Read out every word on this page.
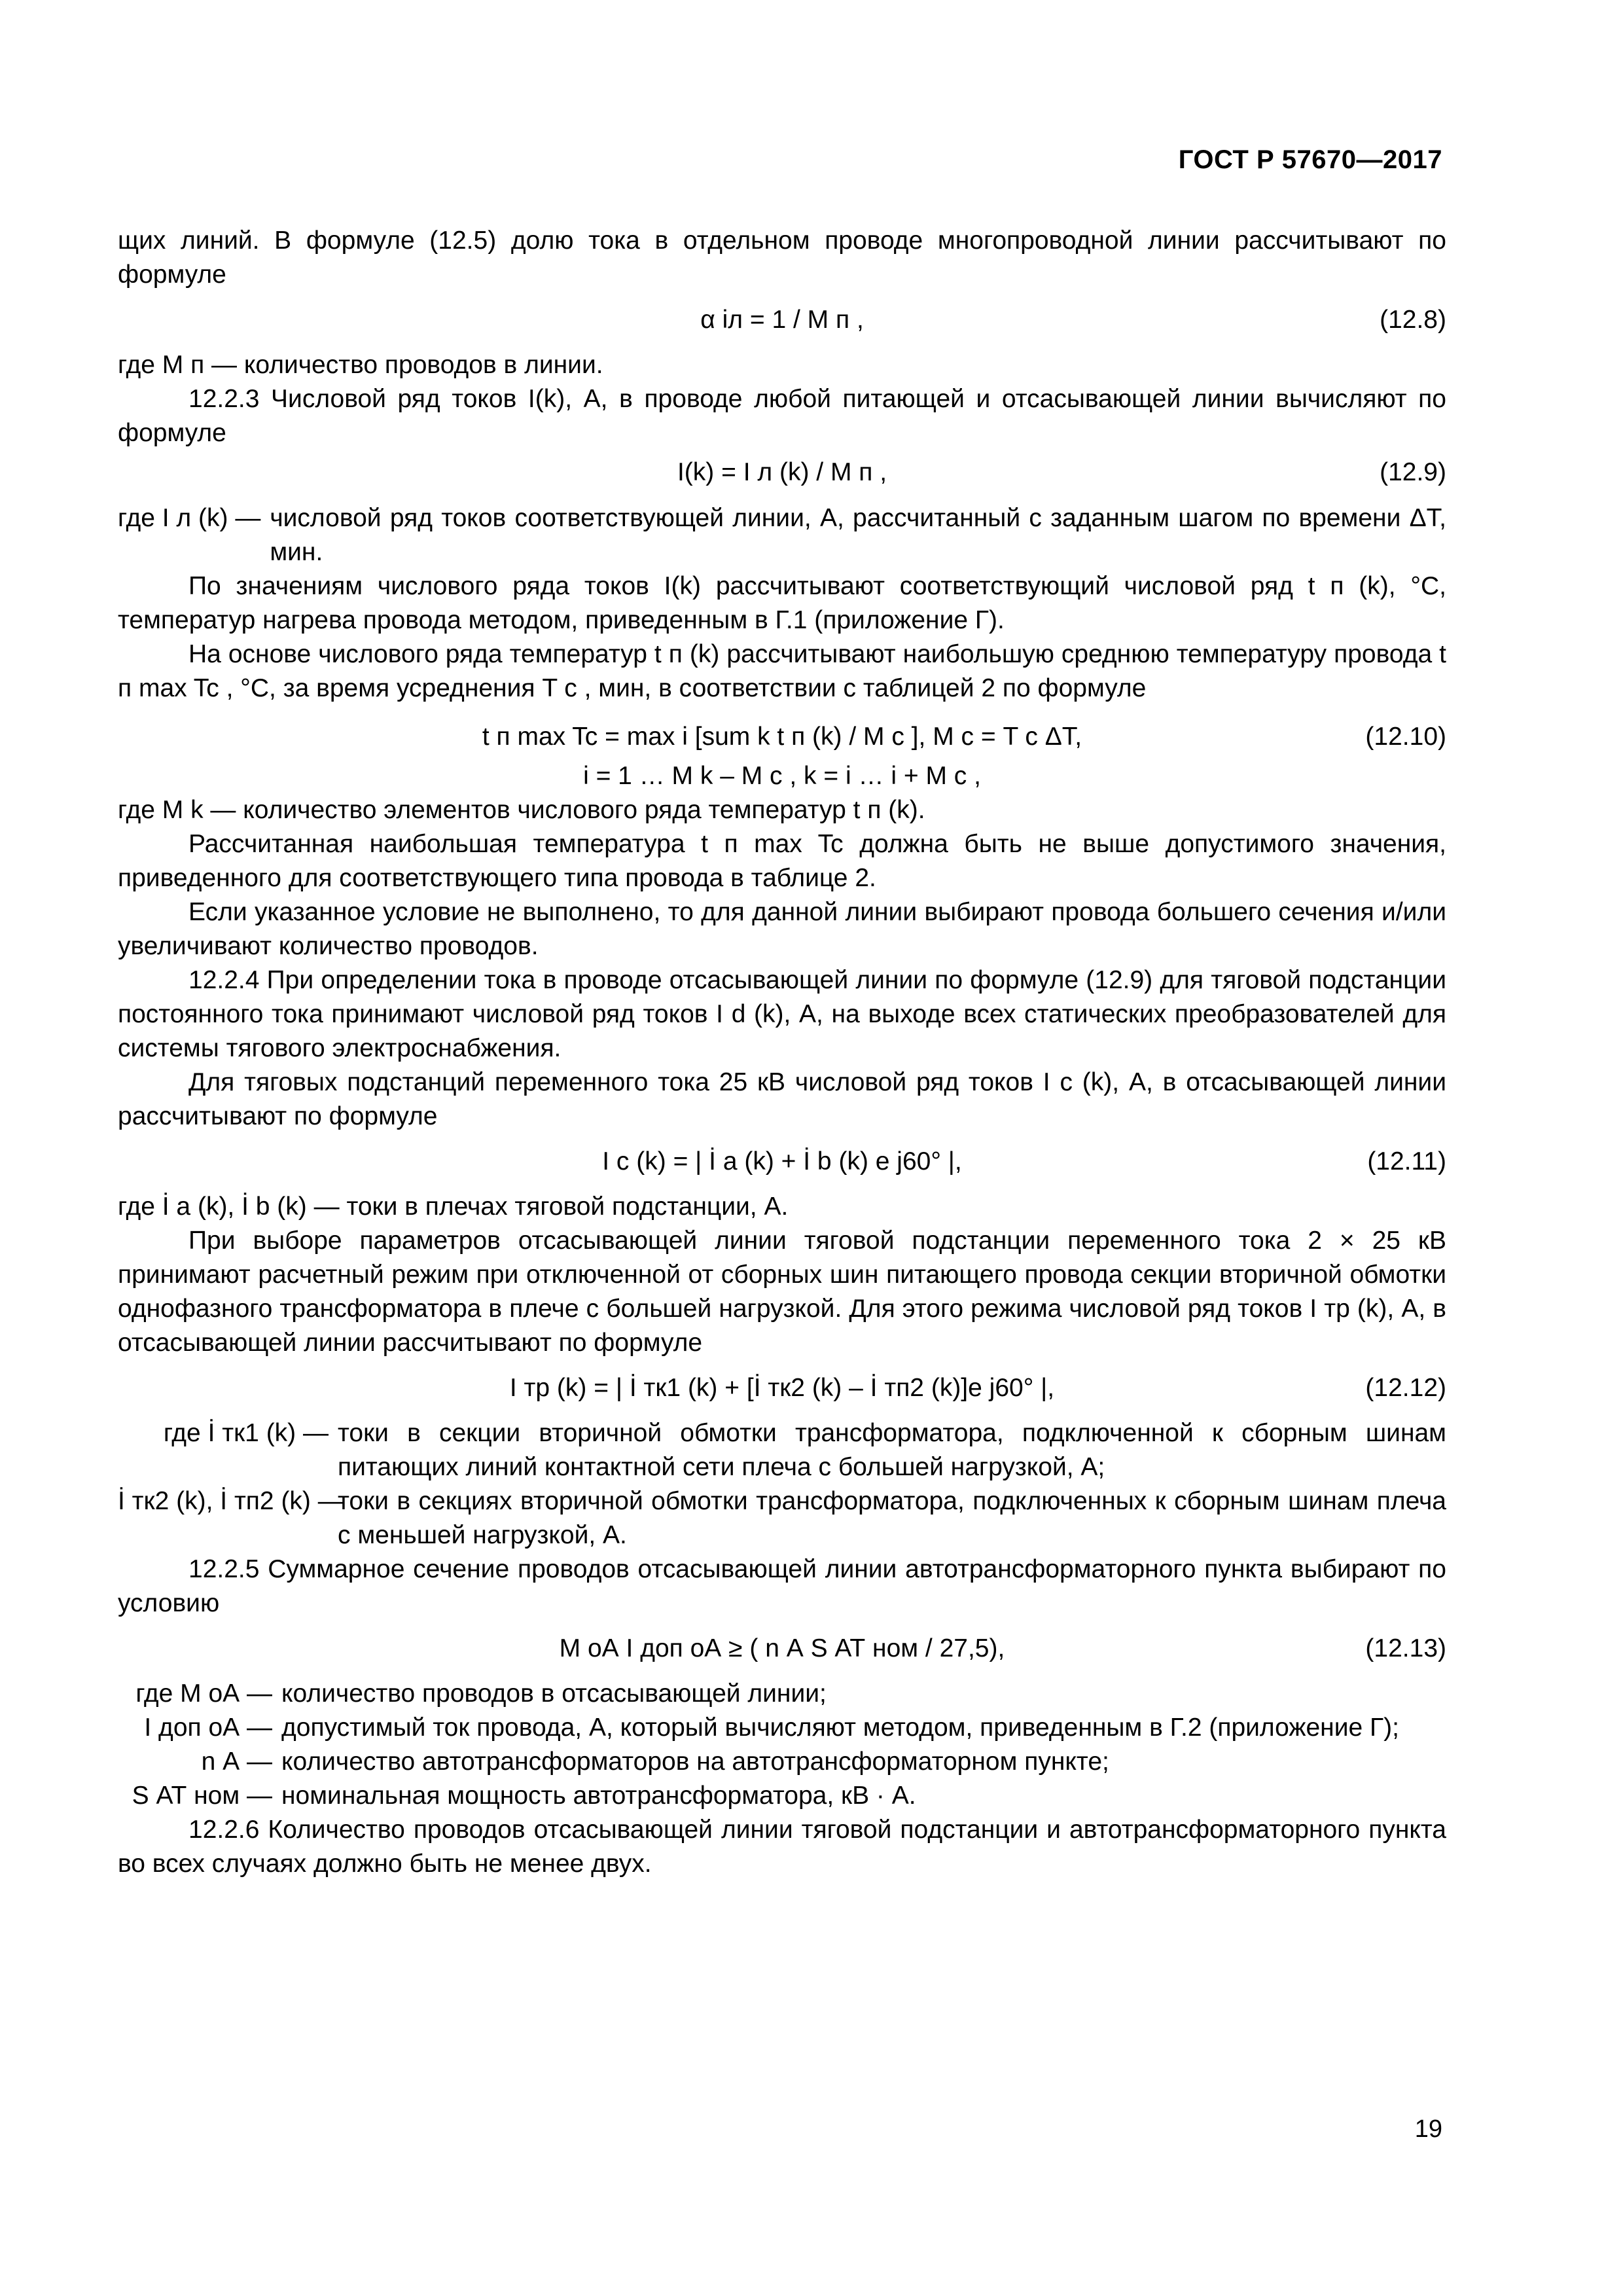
ГОСТ Р 57670—2017

щих линий. В формуле (12.5) долю тока в отдельном проводе многопроводной линии рассчитывают по формуле

α iл = 1 / M п ,	(12.8)

где M п — количество проводов в линии.

12.2.3 Числовой ряд токов I(k), А, в проводе любой питающей и отсасывающей линии вычисляют по формуле

I(k) = I л (k) / M п ,	(12.9)
где I л (k) — числовой ряд токов соответствующей линии, А, рассчитанный с заданным шагом по времени ΔT, мин.

По значениям числового ряда токов I(k) рассчитывают соответствующий числовой ряд t п (k), °С, температур нагрева провода методом, приведенным в Г.1 (приложение Г).

На основе числового ряда температур t п (k) рассчитывают наибольшую среднюю температуру провода t п max Tc , °С, за время усреднения T с , мин, в соответствии с таблицей 2 по формуле

t п max Tc = max i [sum k t п (k) / M с ], M с = T с ΔT,
i = 1 … M k – M с , k = i … i + M с ,
(12.10)

где M k — количество элементов числового ряда температур t п (k).

Рассчитанная наибольшая температура t п max Tc должна быть не выше допустимого значения, приведенного для соответствующего типа провода в таблице 2.

Если указанное условие не выполнено, то для данной линии выбирают провода большего сечения и/или увеличивают количество проводов.

12.2.4 При определении тока в проводе отсасывающей линии по формуле (12.9) для тяговой подстанции постоянного тока принимают числовой ряд токов I d (k), А, на выходе всех статических преобразователей для системы тягового электроснабжения.

Для тяговых подстанций переменного тока 25 кВ числовой ряд токов I c (k), А, в отсасывающей линии рассчитывают по формуле

I c (k) = | İ a (k) + İ b (k) e j60° |,	(12.11)

где İ a (k), İ b (k) — токи в плечах тяговой подстанции, А.

При выборе параметров отсасывающей линии тяговой подстанции переменного тока 2 × 25 кВ принимают расчетный режим при отключенной от сборных шин питающего провода секции вторичной обмотки однофазного трансформатора в плече с большей нагрузкой. Для этого режима числовой ряд токов I тр (k), А, в отсасывающей линии рассчитывают по формуле

I тр (k) = | İ тк1 (k) + [İ тк2 (k) – İ тп2 (k)]e j60° |,	(12.12)
где İ тк1 (k) — токи в секции вторичной обмотки трансформатора, подключенной к сборным шинам питающих линий контактной сети плеча с большей нагрузкой, А;
İ тк2 (k), İ тп2 (k) —
токи в секциях вторичной обмотки трансформатора, подключенных к сборным шинам плеча с меньшей нагрузкой, А.

12.2.5 Суммарное сечение проводов отсасывающей линии автотрансформаторного пункта выбирают по условию

M оА I доп оА ≥ ( n А S АТ ном / 27,5),	(12.13)
где M оА — количество проводов в отсасывающей линии;
I доп оА — допустимый ток провода, А, который вычисляют методом, приведенным в Г.2 (приложение Г);
n А — количество автотрансформаторов на автотрансформаторном пункте;
S АТ ном — номинальная мощность автотрансформатора, кВ · А.

12.2.6 Количество проводов отсасывающей линии тяговой подстанции и автотрансформаторного пункта во всех случаях должно быть не менее двух.

19
